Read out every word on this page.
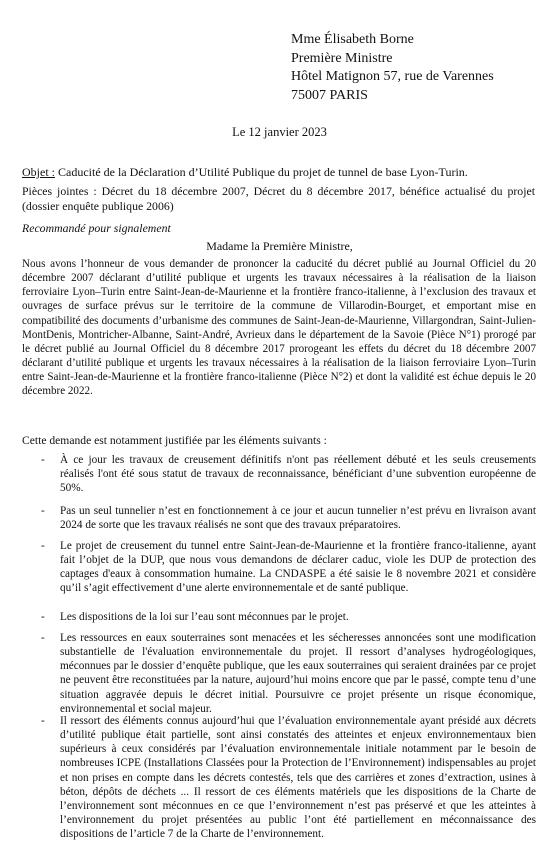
Mme Élisabeth Borne
Première Ministre
Hôtel Matignon 57, rue de Varennes
75007 PARIS
Le 12 janvier 2023
Objet : Caducité de la Déclaration d’Utilité Publique du projet de tunnel de base Lyon-Turin.
Pièces jointes : Décret du 18 décembre 2007, Décret du 8 décembre 2017, bénéfice actualisé du projet (dossier enquête publique 2006)
Recommandé pour signalement
Madame la Première Ministre,
Nous avons l’honneur de vous demander de prononcer la caducité du décret publié au Journal Officiel du 20 décembre 2007 déclarant d’utilité publique et urgents les travaux nécessaires à la réalisation de la liaison ferroviaire Lyon–Turin entre Saint-Jean-de-Maurienne et la frontière franco-italienne, à l’exclusion des travaux et ouvrages de surface prévus sur le territoire de la commune de Villarodin-Bourget, et emportant mise en compatibilité des documents d’urbanisme des communes de Saint-Jean-de-Maurienne, Villargondran, Saint-Julien-MontDenis, Montricher-Albanne, Saint-André, Avrieux dans le département de la Savoie (Pièce N°1) prorogé par le décret publié au Journal Officiel du 8 décembre 2017 prorogeant les effets du décret du 18 décembre 2007 déclarant d’utilité publique et urgents les travaux nécessaires à la réalisation de la liaison ferroviaire Lyon–Turin entre Saint-Jean-de-Maurienne et la frontière franco-italienne (Pièce N°2) et dont la validité est échue depuis le 20 décembre 2022.
Cette demande est notamment justifiée par les éléments suivants :
- À ce jour les travaux de creusement définitifs n'ont pas réellement débuté et les seuls creusements réalisés l'ont été sous statut de travaux de reconnaissance, bénéficiant d’une subvention européenne de 50%.
- Pas un seul tunnelier n’est en fonctionnement à ce jour et aucun tunnelier n’est prévu en livraison avant 2024 de sorte que les travaux réalisés ne sont que des travaux préparatoires.
- Le projet de creusement du tunnel entre Saint-Jean-de-Maurienne et la frontière franco-italienne, ayant fait l’objet de la DUP, que nous vous demandons de déclarer caduc, viole les DUP de protection des captages d'eaux à consommation humaine. La CNDASPE a été saisie le 8 novembre 2021 et considère qu’il s’agit effectivement d’une alerte environnementale et de santé publique.
- Les dispositions de la loi sur l’eau sont méconnues par le projet.
- Les ressources en eaux souterraines sont menacées et les sécheresses annoncées sont une modification substantielle de l'évaluation environnementale du projet. Il ressort d’analyses hydrogéologiques, méconnues par le dossier d’enquête publique, que les eaux souterraines qui seraient drainées par ce projet ne peuvent être reconstituées par la nature, aujourd’hui moins encore que par le passé, compte tenu d’une situation aggravée depuis le décret initial. Poursuivre ce projet présente un risque économique, environnemental et social majeur.
- Il ressort des éléments connus aujourd’hui que l’évaluation environnementale ayant présidé aux décrets d’utilité publique était partielle, sont ainsi constatés des atteintes et enjeux environnementaux bien supérieurs à ceux considérés par l’évaluation environnementale initiale notamment par le besoin de nombreuses ICPE (Installations Classées pour la Protection de l’Environnement) indispensables au projet et non prises en compte dans les décrets contestés, tels que des carrières et zones d’extraction, usines à béton, dépôts de déchets ... Il ressort de ces éléments matériels que les dispositions de la Charte de l’environnement sont méconnues en ce que l’environnement n’est pas préservé et que les atteintes à l’environnement du projet présentées au public l’ont été partiellement en méconnaissance des dispositions de l’article 7 de la Charte de l’environnement.
